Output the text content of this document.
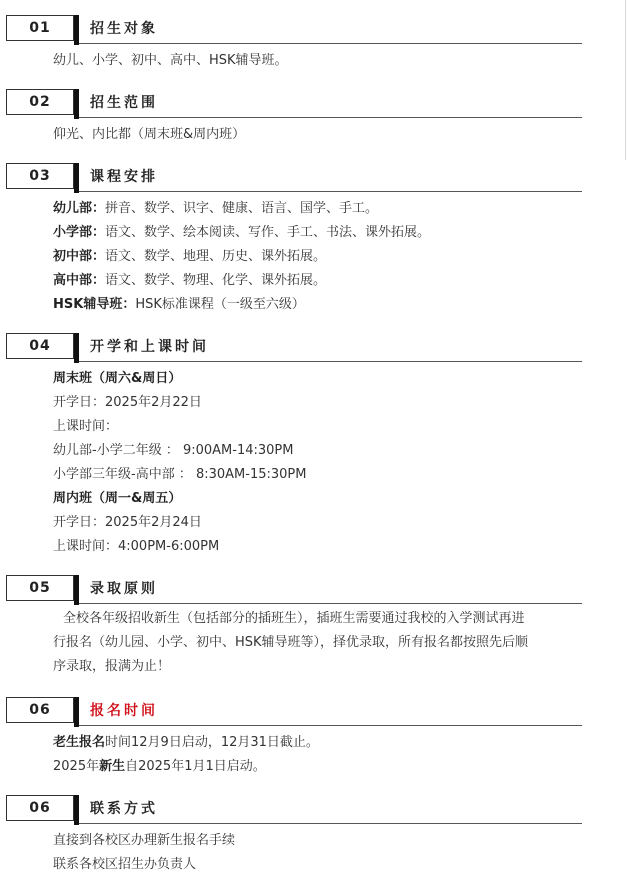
01	招生对象
幼儿、小学、初中、高中、HSK辅导班。
02	招生范围
仰光、内比都（周末班&周内班）
03	课程安排
幼儿部：拼音、数学、识字、健康、语言、国学、手工。
小学部：语文、数学、绘本阅读、写作、手工、书法、课外拓展。
初中部：语文、数学、地理、历史、课外拓展。
高中部：语文、数学、物理、化学、课外拓展。
HSK辅导班：HSK标准课程（一级至六级）
04	开学和上课时间
周末班（周六&周日）
开学日：2025年2月22日
上课时间：
幼儿部-小学二年级 ： 9:00AM-14:30PM
小学部三年级-高中部 ： 8:30AM-15:30PM
周内班（周一&周五）
开学日：2025年2月24日
上课时间：4:00PM-6:00PM
05	录取原则
全校各年级招收新生（包括部分的插班生），插班生需要通过我校的入学测试再进
行报名（幼儿园、小学、初中、HSK辅导班等），择优录取，所有报名都按照先后顺
序录取，报满为止！
06	报名时间
老生报名时间12月9日启动，12月31日截止。
2025年新生自2025年1月1日启动。
06	联系方式
直接到各校区办理新生报名手续
联系各校区招生办负责人
